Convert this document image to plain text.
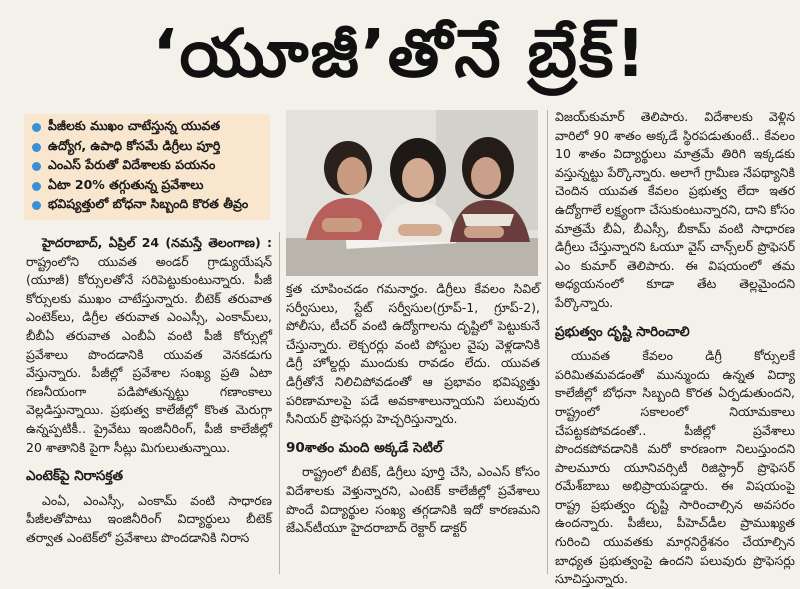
‘యూజీ’తోనే బ్రేక్‌!
పీజీలకు ముఖం చాటేస్తున్న యువత
ఉద్యోగ, ఉపాధి కోసమే డిగ్రీలు పూర్తి
ఎంఎస్‌ పేరుతో విదేశాలకు పయనం
ఏటా 20% తగ్గుతున్న ప్రవేశాలు
భవిష్యత్తులో బోధనా సిబ్బంది కొరత తీవ్రం

హైదరాబాద్‌, ఏప్రిల్‌ 24 (నమస్తే తెలంగాణ) : రాష్ట్రంలోని యువత అండర్‌ గ్రాడ్యుయేషన్‌ (యూజీ) కోర్సులతోనే సరిపెట్టుకుంటున్నారు. పీజీ కోర్సులకు ముఖం చాటేస్తున్నారు. బీటెక్‌ తరువాత ఎంటెక్‌లు, డిగ్రీల తరువాత ఎంఎస్సీ, ఎంకామ్‌లు, బీబీఏ తరువాత ఎంబీఏ వంటి పీజీ కోర్సుల్లో ప్రవేశాలు పొందడానికి యువత వెనకడుగు వేస్తున్నారు. పీజీల్లో ప్రవేశాల సంఖ్య ప్రతి ఏటా గణనీయంగా పడిపోతున్నట్టు గణాంకాలు వెల్లడిస్తున్నాయి. ప్రభుత్వ కాలేజీల్లో కొంత మెరుగ్గా ఉన్నప్పటికీ.. ప్రైవేటు ఇంజినీరింగ్‌, పీజీ కాలేజీల్లో 20 శాతానికి పైగా సీట్లు మిగులుతున్నాయి.

ఎంటెక్‌పై నిరాసక్తత

ఎంఏ, ఎంఎస్సీ, ఎంకామ్‌ వంటి సాధారణ పీజీలతోపాటు ఇంజినీరింగ్‌ విద్యార్థులు బీటెక్‌ తర్వాత ఎంటెక్‌లో ప్రవేశాలు పొందడానికి నిరాస

క్తత చూపించడం గమనార్హం. డిగ్రీలు కేవలం సివిల్‌ సర్వీసులు, స్టేట్‌ సర్వీసుల(గ్రూప్‌-1, గ్రూప్‌-2), పోలీసు, టీచర్‌ వంటి ఉద్యోగాలను దృష్టిలో పెట్టుకునే చేస్తున్నారు. లెక్చరర్లు వంటి పోస్టుల వైపు వెళ్లడానికి డిగ్రీ హోల్డర్లు ముందుకు రావడం లేదు. యువత డిగ్రీతోనే నిలిచిపోవడంతో ఆ ప్రభావం భవిష్యత్తు పరిణామాలపై పడే అవకాశాలున్నాయని పలువురు సీనియర్‌ ప్రొఫెసర్లు హెచ్చరిస్తున్నారు.

90శాతం మంది అక్కడే సెటిల్‌

రాష్ట్రంలో బీటెక్‌, డిగ్రీలు పూర్తి చేసి, ఎంఎస్‌ కోసం విదేశాలకు వెళ్తున్నారని, ఎంటెక్‌ కాలేజీల్లో ప్రవేశాలు పొందే విద్యార్థుల సంఖ్య తగ్గడానికి ఇదో కారణమని జేఎన్‌టీయూ హైదరాబాద్‌ రెక్టార్‌ డాక్టర్‌

విజయ్‌కుమార్‌ తెలిపారు. విదేశాలకు వెళ్లిన వారిలో 90 శాతం అక్కడే స్థిరపడుతుంటే.. కేవలం 10 శాతం విద్యార్థులు మాత్రమే తిరిగి ఇక్కడకు వస్తున్నట్టు పేర్కొన్నారు. అలాగే గ్రామీణ నేపథ్యానికి చెందిన యువత కేవలం ప్రభుత్వ లేదా ఇతర ఉద్యోగాలే లక్ష్యంగా చేసుకుంటున్నారని, దాని కోసం మాత్రమే బీఏ, బీఎస్సీ, బీకామ్‌ వంటి సాధారణ డిగ్రీలు చేస్తున్నారని ఓయూ వైస్‌ చాన్స్‌లర్‌ ప్రొఫెసర్‌ ఎం కుమార్‌ తెలిపారు. ఈ విషయంలో తమ అధ్యయనంలో కూడా తేట తెల్లమైందని పేర్కొన్నారు.

ప్రభుత్వం దృష్టి సారించాలి

యువత కేవలం డిగ్రీ కోర్సులకే పరిమితమవడంతో మున్ముందు ఉన్నత విద్యా కాలేజీల్లో బోధనా సిబ్బంది కొరత ఏర్పడుతుందని, రాష్ట్రంలో సకాలంలో నియామకాలు చేపట్టకపోవడంతో.. పీజీల్లో ప్రవేశాలు పొందకపోవడానికి మరో కారణంగా నిలుస్తుందని పాలమూరు యూనివర్సిటీ రిజిస్ట్రార్‌ ప్రొఫెసర్‌ రమేశ్‌బాబు అభిప్రాయపడ్డారు. ఈ విషయంపై రాష్ట్ర ప్రభుత్వం దృష్టి సారించాల్సిన అవసరం ఉందన్నారు. పీజీలు, పీహెచ్‌డీల ప్రాముఖ్యత గురించి యువతకు మార్గనిర్దేశనం చేయాల్సిన బాధ్యత ప్రభుత్వంపై ఉందని పలువురు ప్రొఫెసర్లు సూచిస్తున్నారు.
